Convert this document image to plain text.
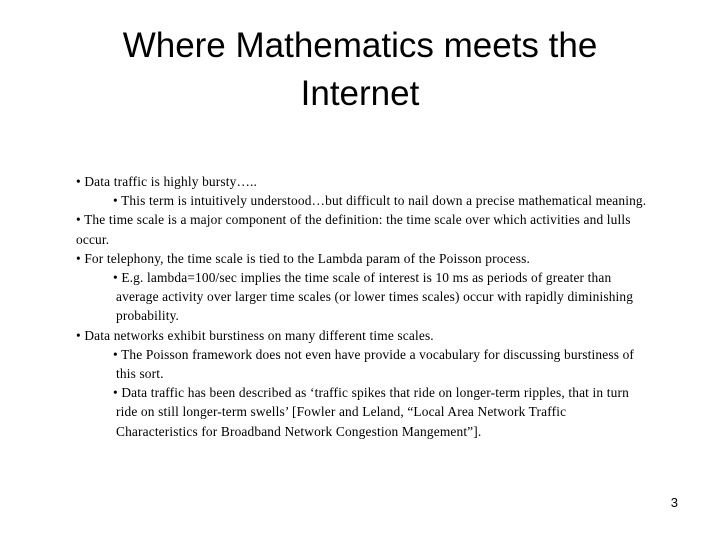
Where Mathematics meets the
Internet

• Data traffic is highly bursty…..

• This term is intuitively understood…but difficult to nail down a precise mathematical meaning.

• The time scale is a major component of the definition: the time scale over which activities and lulls occur.

• For telephony, the time scale is tied to the Lambda param of the Poisson process.

• E.g. lambda=100/sec implies the time scale of interest is 10 ms as periods of greater than average activity over larger time scales (or lower times scales) occur with rapidly diminishing probability.

• Data networks exhibit burstiness on many different time scales.

• The Poisson framework does not even have provide a vocabulary for discussing burstiness of this sort.

• Data traffic has been described as ‘traffic spikes that ride on longer-term ripples, that in turn ride on still longer-term swells’ [Fowler and Leland, “Local Area Network Traffic Characteristics for Broadband Network Congestion Mangement”].

3
